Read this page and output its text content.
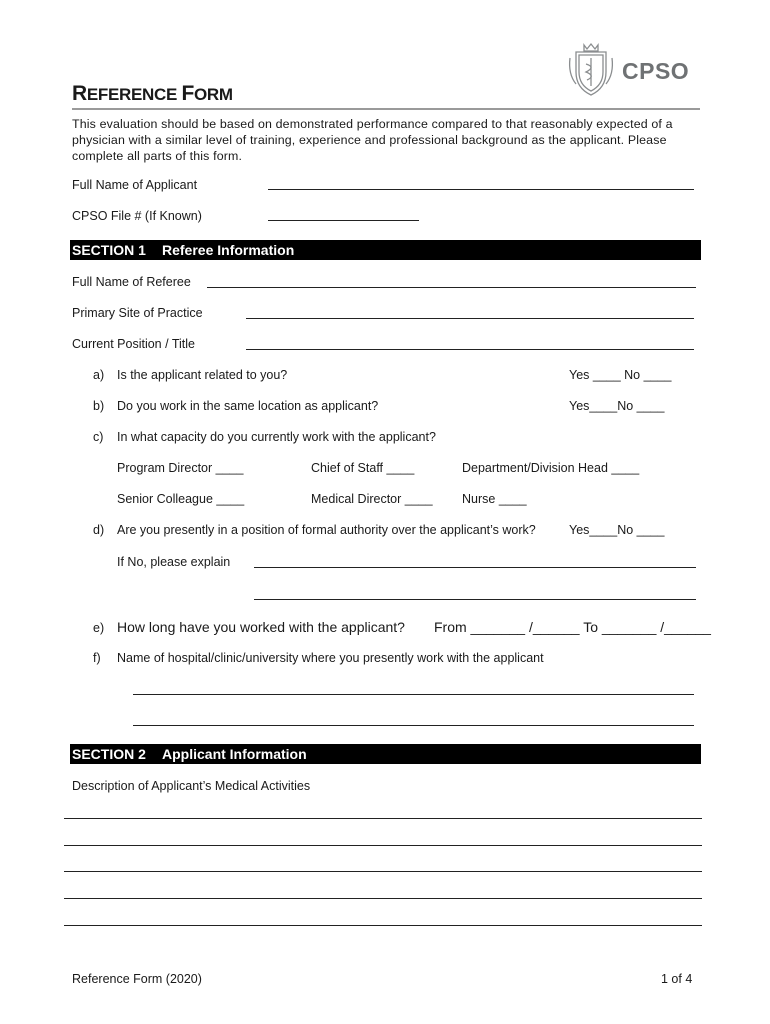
REFERENCE FORM
CPSO
This evaluation should be based on demonstrated performance compared to that reasonably expected of a physician with a similar level of training, experience and professional background as the applicant. Please complete all parts of this form.
Full Name of Applicant
CPSO File # (If Known)
SECTION 1 Referee Information
Full Name of Referee
Primary Site of Practice
Current Position / Title
a) Is the applicant related to you?	Yes ____ No ____
b) Do you work in the same location as applicant?	Yes____No ____
c) In what capacity do you currently work with the applicant?
Program Director ____	Chief of Staff ____	Department/Division Head ____
Senior Colleague ____	Medical Director ____ Nurse ____
d) Are you presently in a position of formal authority over the applicant’s work?	Yes____No ____
If No, please explain
e) How long have you worked with the applicant? From _______ /______ To _______ /______
f) Name of hospital/clinic/university where you presently work with the applicant
SECTION 2 Applicant Information
Description of Applicant’s Medical Activities
Reference Form (2020)	1 of 4
